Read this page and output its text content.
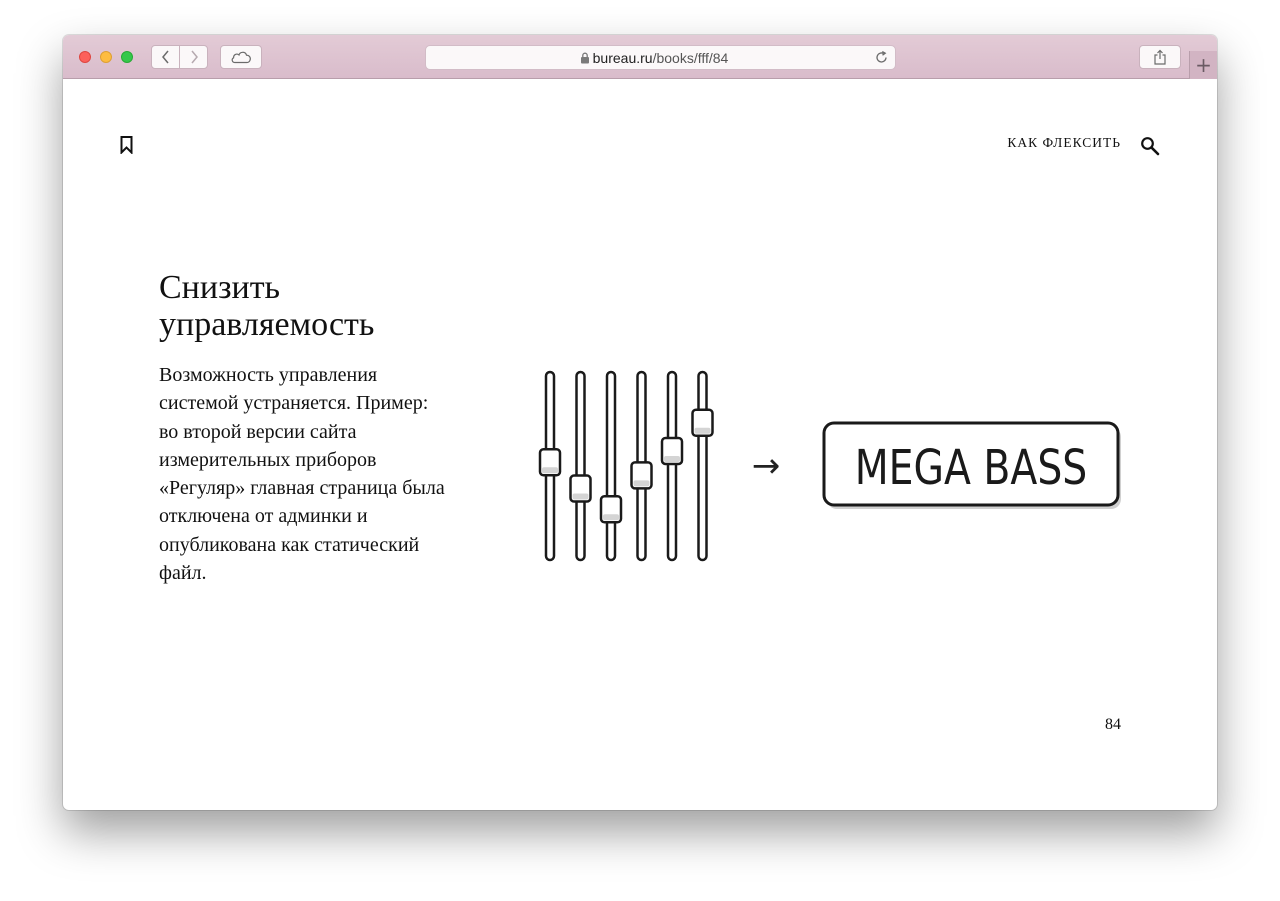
bureau.ru/books/fff/84	+
КАК ФЛЕКСИТЬ
Снизить управляемость

Возможность управления системой устраняется. Пример: во второй версии сайта измерительных приборов «Регуляр» главная страница была отключена от админки и опубликована как статический файл.

→ MEGA BASS
84
